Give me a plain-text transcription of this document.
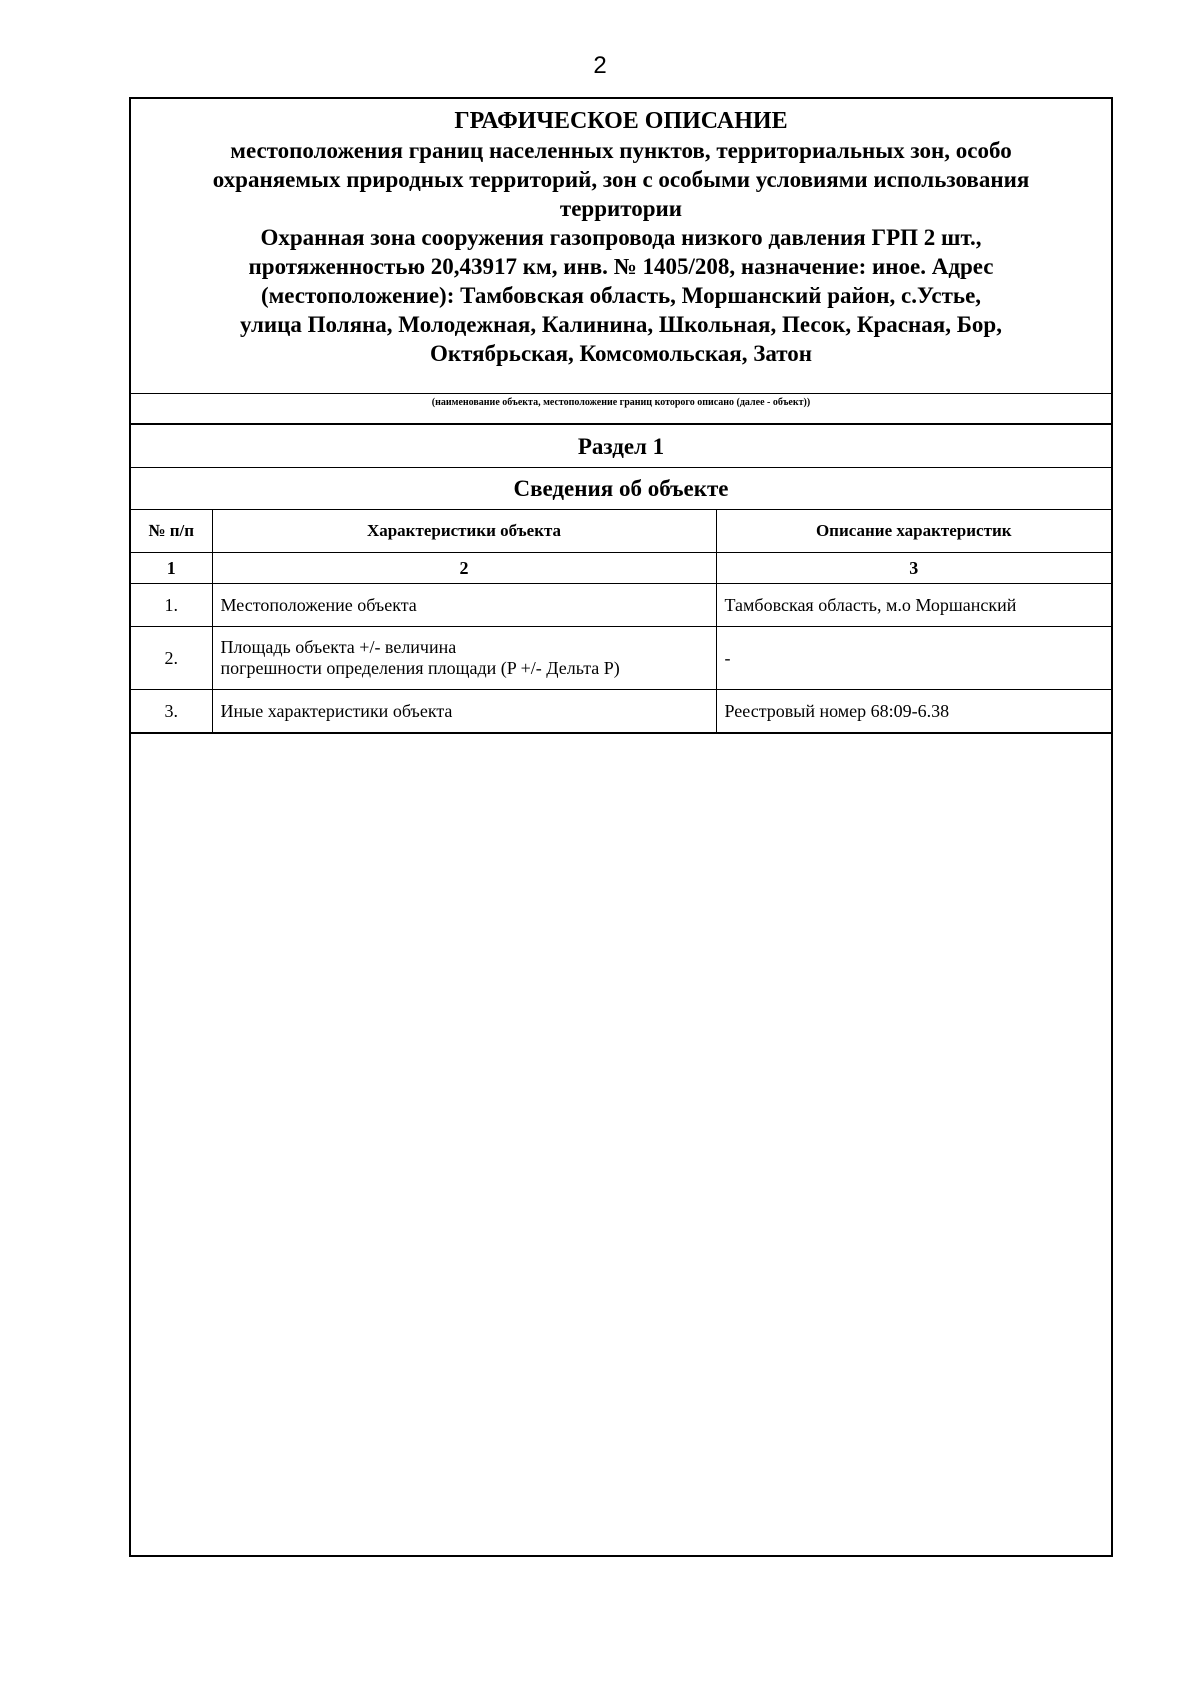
2
ГРАФИЧЕСКОЕ ОПИСАНИЕ
местоположения границ населенных пунктов, территориальных зон, особо
охраняемых природных территорий, зон с особыми условиями использования
территории
Охранная зона сооружения газопровода низкого давления ГРП 2 шт.,
протяженностью 20,43917 км, инв. № 1405/208, назначение: иное. Адрес
(местоположение): Тамбовская область, Моршанский район, с.Устье,
улица Поляна, Молодежная, Калинина, Школьная, Песок, Красная, Бор,
Октябрьская, Комсомольская, Затон
(наименование объекта, местоположение границ которого описано (далее - объект))
Раздел 1
Сведения об объекте
№ п/п	Характеристики объекта	Описание характеристик
1	2	3
1.	Местоположение объекта	Тамбовская область, м.о Моршанский
2.	Площадь объекта +/- величина
погрешности определения площади (P +/- Дельта P)	-
3.	Иные характеристики объекта	Реестровый номер 68:09-6.38
